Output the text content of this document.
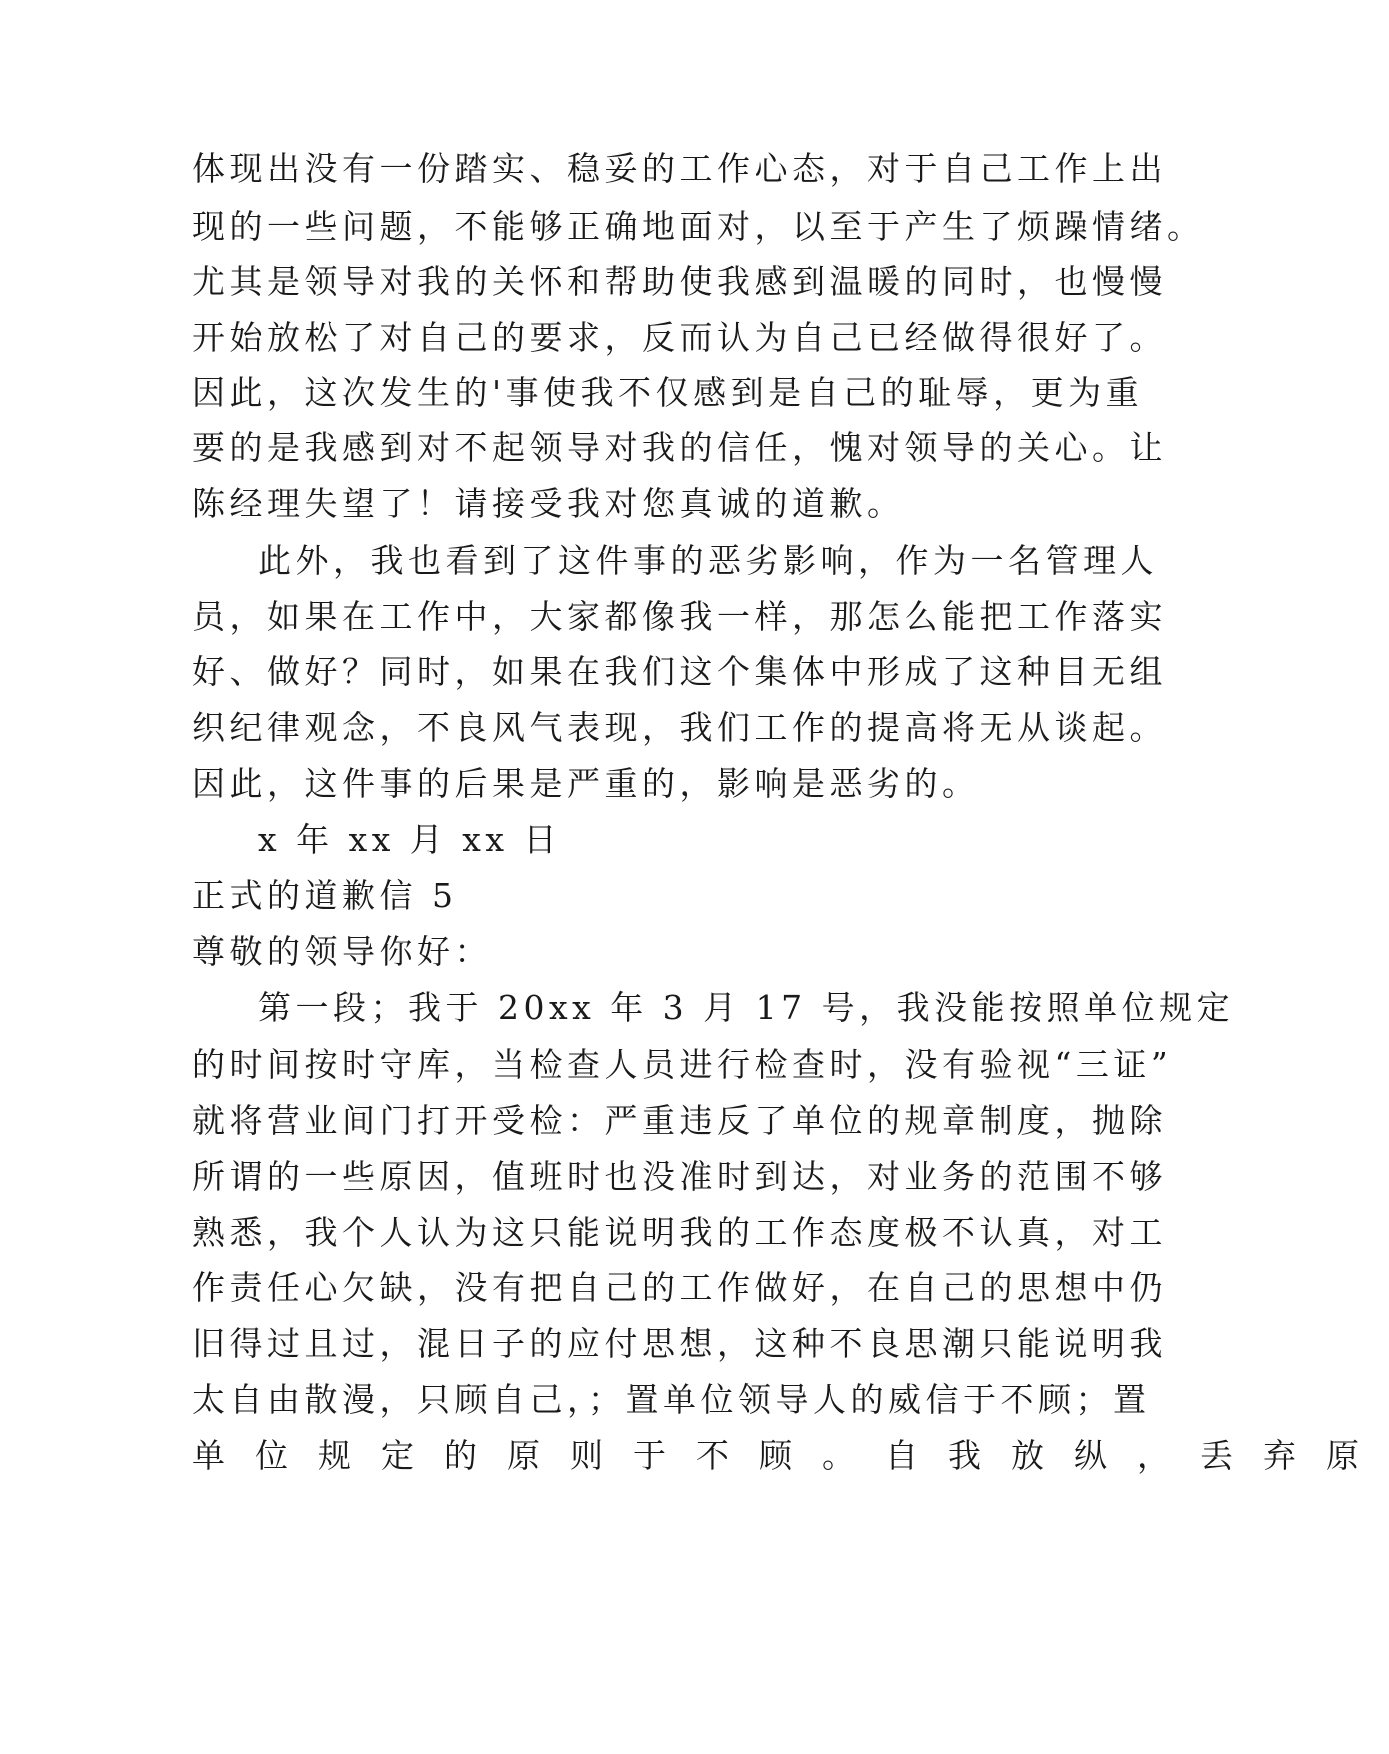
体现出没有一份踏实、稳妥的工作心态，对于自己工作上出
现的一些问题，不能够正确地面对，以至于产生了烦躁情绪。
尤其是领导对我的关怀和帮助使我感到温暖的同时，也慢慢
开始放松了对自己的要求，反而认为自己已经做得很好了。
因此，这次发生的'事使我不仅感到是自己的耻辱，更为重
要的是我感到对不起领导对我的信任，愧对领导的关心。让
陈经理失望了！请接受我对您真诚的道歉。
此外，我也看到了这件事的恶劣影响，作为一名管理人
员，如果在工作中，大家都像我一样，那怎么能把工作落实
好、做好？同时，如果在我们这个集体中形成了这种目无组
织纪律观念，不良风气表现，我们工作的提高将无从谈起。
因此，这件事的后果是严重的，影响是恶劣的。
x 年 xx 月 xx 日
正式的道歉信 5
尊敬的领导你好：
第一段；我于 20xx 年 3 月 17 号，我没能按照单位规定
的时间按时守库，当检查人员进行检查时，没有验视“三证”
就将营业间门打开受检：严重违反了单位的规章制度，抛除
所谓的一些原因，值班时也没准时到达，对业务的范围不够
熟悉，我个人认为这只能说明我的工作态度极不认真，对工
作责任心欠缺，没有把自己的工作做好，在自己的思想中仍
旧得过且过，混日子的应付思想，这种不良思潮只能说明我
太自由散漫，只顾自己，；置单位领导人的威信于不顾；置
单位规定的原则于不顾。自我放纵，丢弃原
